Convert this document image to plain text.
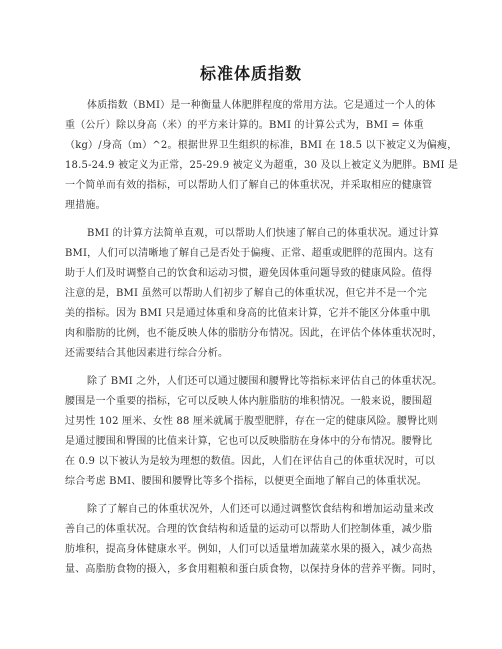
标准体质指数
体质指数（BMI）是一种衡量人体肥胖程度的常用方法。它是通过一个人的体
重（公斤）除以身高（米）的平方来计算的。BMI 的计算公式为，BMI = 体重
（kg）/身高（m）^2。根据世界卫生组织的标准，BMI 在 18.5 以下被定义为偏瘦，
18.5-24.9 被定义为正常，25-29.9 被定义为超重，30 及以上被定义为肥胖。BMI 是
一个简单而有效的指标，可以帮助人们了解自己的体重状况，并采取相应的健康管
理措施。
BMI 的计算方法简单直观，可以帮助人们快速了解自己的体重状况。通过计算
BMI，人们可以清晰地了解自己是否处于偏瘦、正常、超重或肥胖的范围内。这有
助于人们及时调整自己的饮食和运动习惯，避免因体重问题导致的健康风险。值得
注意的是，BMI 虽然可以帮助人们初步了解自己的体重状况，但它并不是一个完
美的指标。因为 BMI 只是通过体重和身高的比值来计算，它并不能区分体重中肌
肉和脂肪的比例，也不能反映人体的脂肪分布情况。因此，在评估个体体重状况时，
还需要结合其他因素进行综合分析。
除了 BMI 之外，人们还可以通过腰围和腰臀比等指标来评估自己的体重状况。
腰围是一个重要的指标，它可以反映人体内脏脂肪的堆积情况。一般来说，腰围超
过男性 102 厘米、女性 88 厘米就属于腹型肥胖，存在一定的健康风险。腰臀比则
是通过腰围和臀围的比值来计算，它也可以反映脂肪在身体中的分布情况。腰臀比
在 0.9 以下被认为是较为理想的数值。因此，人们在评估自己的体重状况时，可以
综合考虑 BMI、腰围和腰臀比等多个指标，以便更全面地了解自己的体重状况。
除了了解自己的体重状况外，人们还可以通过调整饮食结构和增加运动量来改
善自己的体重状况。合理的饮食结构和适量的运动可以帮助人们控制体重，减少脂
肪堆积，提高身体健康水平。例如，人们可以适量增加蔬菜水果的摄入，减少高热
量、高脂肪食物的摄入，多食用粗粮和蛋白质食物，以保持身体的营养平衡。同时，
